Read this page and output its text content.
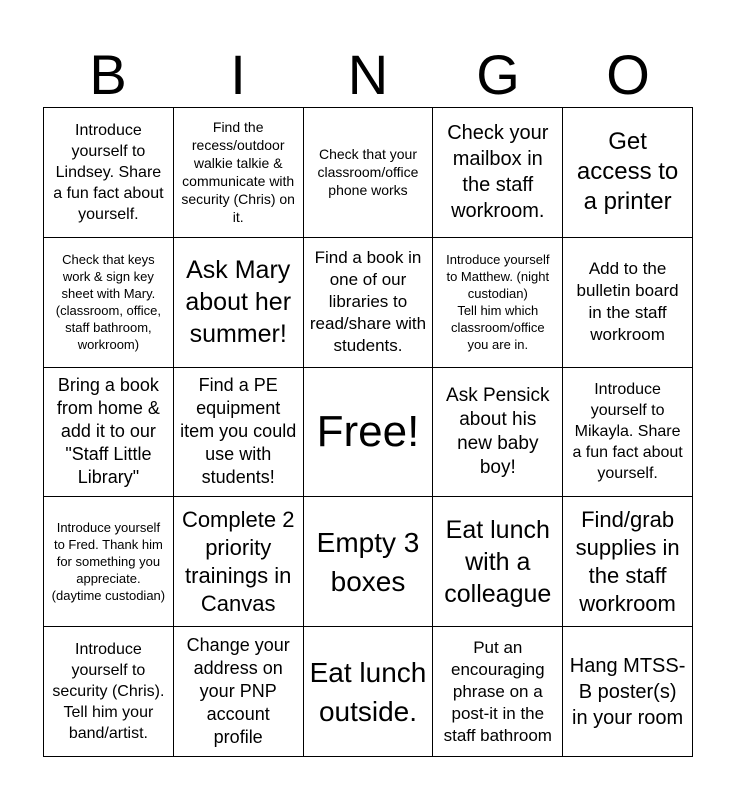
B	I	N	G	O
Introduce yourself to Lindsey. Share a fun fact about yourself.
Find the recess/outdoor walkie talkie & communicate with security (Chris) on it.
Check that your classroom/office phone works
Check your mailbox in the staff workroom.
Get access to a printer
Check that keys work & sign key sheet with Mary. (classroom, office, staff bathroom, workroom)
Ask Mary about her summer!
Find a book in one of our libraries to read/share with students.
Introduce yourself to Matthew. (night custodian)
Tell him which classroom/office you are in.
Add to the bulletin board in the staff workroom
Bring a book from home & add it to our "Staff Little Library"
Find a PE equipment item you could use with students!
Free!
Ask Pensick about his new baby boy!
Introduce yourself to Mikayla. Share a fun fact about yourself.
Introduce yourself to Fred. Thank him for something you appreciate. (daytime custodian)
Complete 2 priority trainings in Canvas
Empty 3 boxes
Eat lunch with a colleague
Find/grab supplies in the staff workroom
Introduce yourself to security (Chris). Tell him your band/artist.
Change your address on your PNP account profile
Eat lunch outside.
Put an encouraging phrase on a post-it in the staff bathroom
Hang MTSS-B poster(s) in your room
